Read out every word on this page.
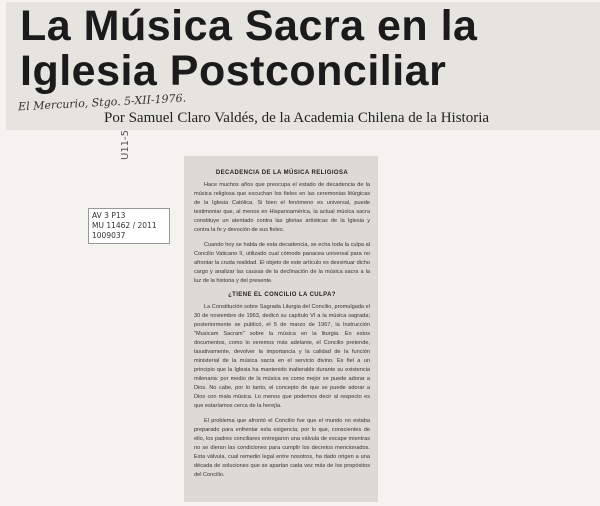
La Música Sacra en la
Iglesia Postconciliar
El Mercurio, Stgo. 5-XII-1976.
Por Samuel Claro Valdés, de la Academia Chilena de la Historia
U11-5
AV 3 P13
MU 11462 / 2011
1009037
DECADENCIA DE LA MÚSICA RELIGIOSA

Hace muchos años que preocupa el estado de decadencia de la música religiosa que escuchan los fieles en las ceremonias litúrgicas de la Iglesia Católica. Si bien el fenómeno es universal, puede testimoniar que, al menos en Hispanoamérica, la actual música sacra constituye un atentado contra las glorias artísticas de la Iglesia y contra la fe y devoción de sus fieles.

Cuando hoy se habla de esta decadencia, se echa toda la culpa al Concilio Vaticano II, utilizado cual cómodo panacea universal para no afrontar la cruda realidad. El objeto de este artículo es desvirtuar dicho cargo y analizar las causas de la declinación de la música sacra a la luz de la historia y del presente.

¿TIENE EL CONCILIO LA CULPA?

La Constitución sobre Sagrada Liturgia del Concilio, promulgada el 30 de noviembre de 1963, dedicó su capítulo VI a la música sagrada; posteriormente se publicó, el 5 de marzo de 1967, la Instrucción "Musicam Sacram" sobre la música en la liturgia. En estos documentos, como lo veremos más adelante, el Concilio pretende, taxativamente, devolver la importancia y la calidad de la función ministerial de la música sacra en el servicio divino. Es fiel a un principio que la Iglesia ha mantenido inalterable durante su existencia milenaria: por medio de la música es como mejor se puede adorar a Dios. No cabe, por lo tanto, el concepto de que se puede adorar a Dios con mala música. Lo menos que podemos decir al respecto es que estaríamos cerca de la herejía.

El problema que afrontó el Concilio fue que el mundo no estaba preparado para enfrentar esta exigencia; por lo que, conscientes de ello, los padres conciliares entregaron una válvula de escape mientras no se dieran las condiciones para cumplir los decretos mencionados. Esta válvula, cual remedio legal entre nosotros, ha dado origen a una década de soluciones que se apartan cada vez más de los propósitos del Concilio.
